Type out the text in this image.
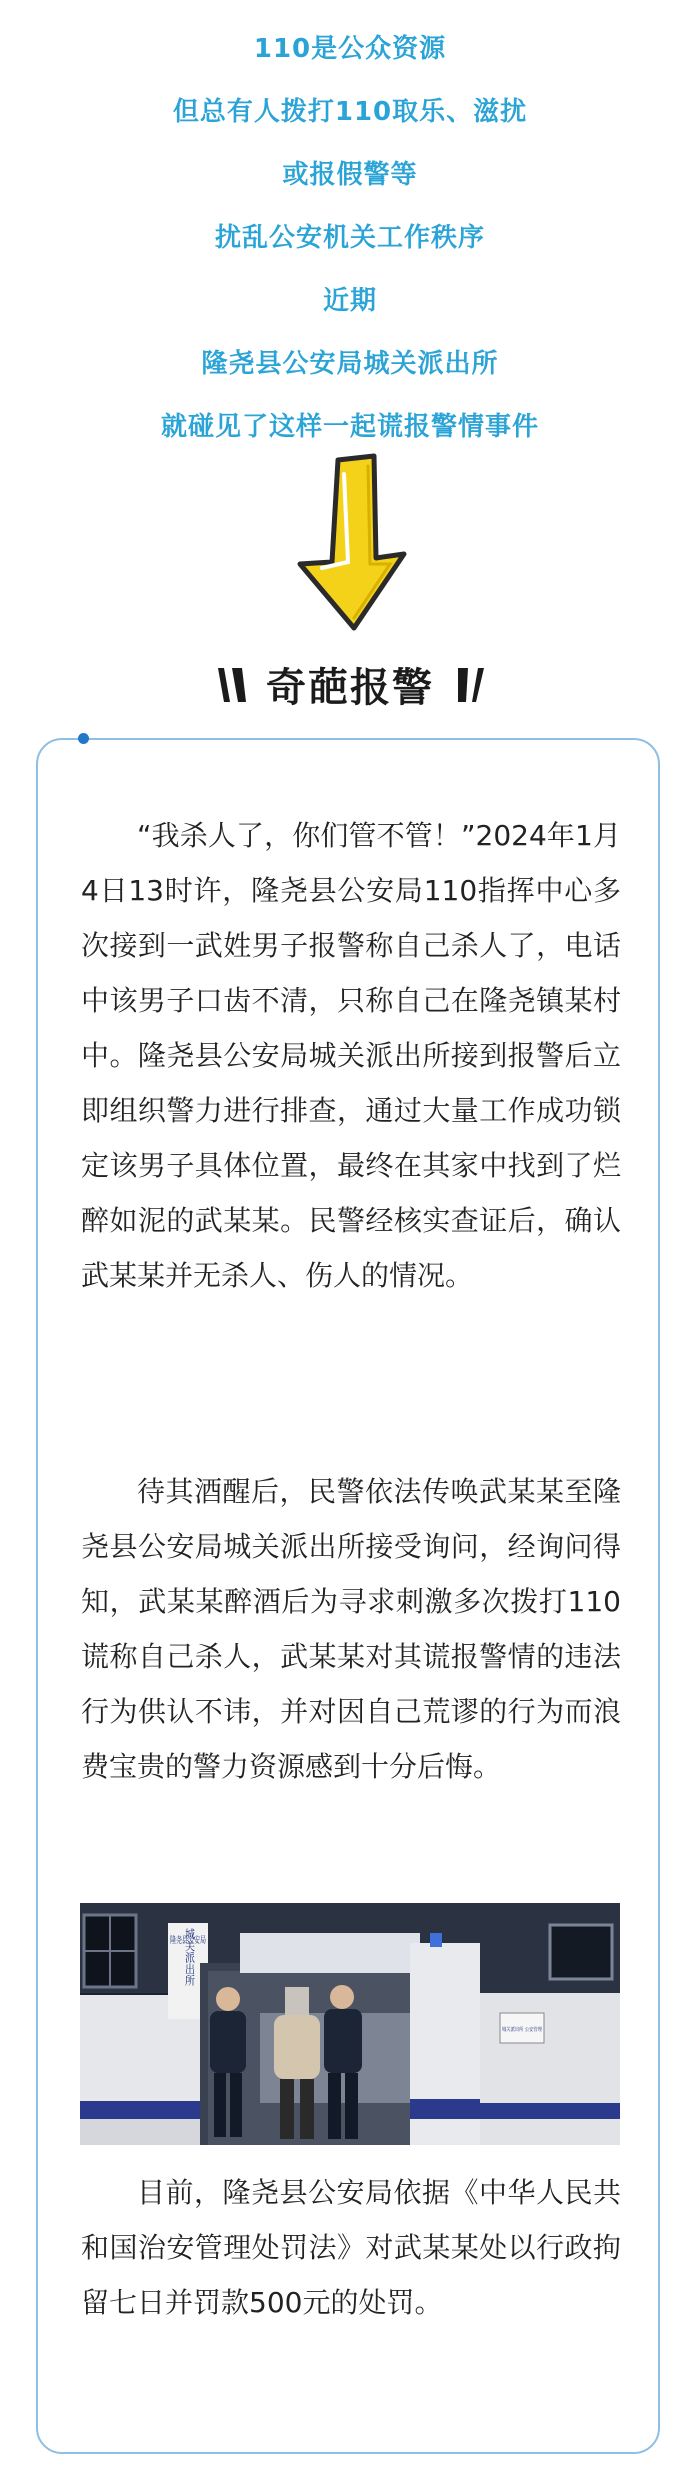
110是公众资源
但总有人拨打110取乐、滋扰
或报假警等
扰乱公安机关工作秩序
近期
隆尧县公安局城关派出所
就碰见了这样一起谎报警情事件
奇葩报警

“我杀人了，你们管不管！”2024年1月4日13时许，隆尧县公安局110指挥中心多次接到一武姓男子报警称自己杀人了，电话中该男子口齿不清，只称自己在隆尧镇某村中。隆尧县公安局城关派出所接到报警后立即组织警力进行排查，通过大量工作成功锁定该男子具体位置，最终在其家中找到了烂醉如泥的武某某。民警经核实查证后，确认武某某并无杀人、伤人的情况。

待其酒醒后，民警依法传唤武某某至隆尧县公安局城关派出所接受询问，经询问得知，武某某醉酒后为寻求刺激多次拨打110谎称自己杀人，武某某对其谎报警情的违法行为供认不讳，并对因自己荒谬的行为而浪费宝贵的警力资源感到十分后悔。

隆尧县公安局
城关派出所
城关派出所 公安管理

目前，隆尧县公安局依据《中华人民共和国治安管理处罚法》对武某某处以行政拘留七日并罚款500元的处罚。
